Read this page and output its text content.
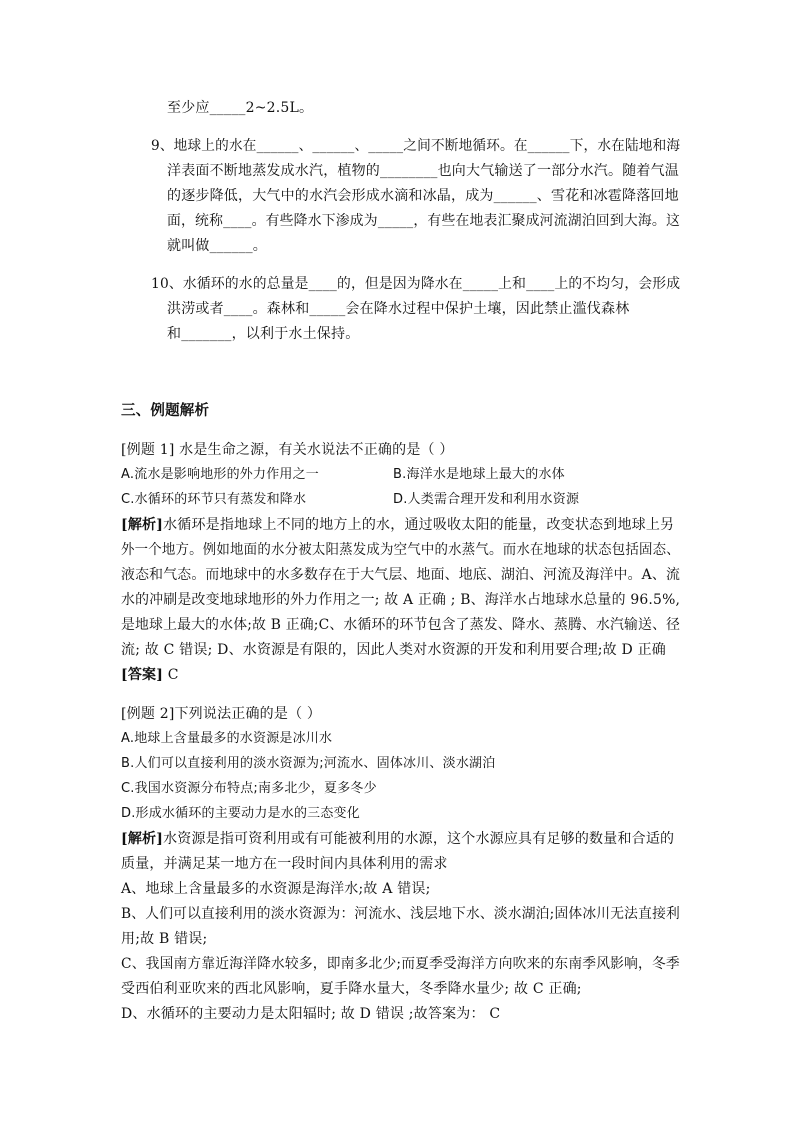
至少应_____2~2.5L。
9、地球上的水在______、______、_____之间不断地循环。在______下，水在陆地和海
洋表面不断地蒸发成水汽，植物的________也向大气输送了一部分水汽。随着气温
的逐步降低，大气中的水汽会形成水滴和冰晶，成为______、雪花和冰雹降落回地
面，统称____。有些降水下渗成为_____，有些在地表汇聚成河流湖泊回到大海。这
就叫做______。
10、水循环的水的总量是____的，但是因为降水在_____上和____上的不均匀，会形成
洪涝或者____。森林和_____会在降水过程中保护土壤，因此禁止滥伐森林
和_______，以利于水土保持。
三、例题解析
[例题 1] 水是生命之源，有关水说法不正确的是（ ）
A.流水是影响地形的外力作用之一	B.海洋水是地球上最大的水体
C.水循环的环节只有蒸发和降水	D.人类需合理开发和利用水资源
[解析]水循环是指地球上不同的地方上的水，通过吸收太阳的能量，改变状态到地球上另
外一个地方。例如地面的水分被太阳蒸发成为空气中的水蒸气。而水在地球的状态包括固态、
液态和气态。而地球中的水多数存在于大气层、地面、地底、湖泊、河流及海洋中。A、流
水的冲刷是改变地球地形的外力作用之一; 故 A 正确 ; B、海洋水占地球水总量的 96.5%,
是地球上最大的水体;故 B 正确;C、水循环的环节包含了蒸发、降水、蒸腾、水汽输送、径
流; 故 C 错误; D、水资源是有限的，因此人类对水资源的开发和利用要合理;故 D 正确
[答案] C
[例题 2]下列说法正确的是（ ）
A.地球上含量最多的水资源是冰川水
B.人们可以直接利用的淡水资源为;河流水、固体冰川、淡水湖泊
C.我国水资源分布特点;南多北少，夏多冬少
D.形成水循环的主要动力是水的三态变化
[解析]水资源是指可资利用或有可能被利用的水源，这个水源应具有足够的数量和合适的
质量，并满足某一地方在一段时间内具体利用的需求
A、地球上含量最多的水资源是海洋水;故 A 错误;
B、人们可以直接利用的淡水资源为：河流水、浅层地下水、淡水湖泊;固体冰川无法直接利
用;故 B 错误;
C、我国南方靠近海洋降水较多，即南多北少;而夏季受海洋方向吹来的东南季风影响，冬季
受西伯利亚吹来的西北风影响，夏手降水量大，冬季降水量少; 故 C 正确;
D、水循环的主要动力是太阳辐时; 故 D 错误 ;故答案为： C
